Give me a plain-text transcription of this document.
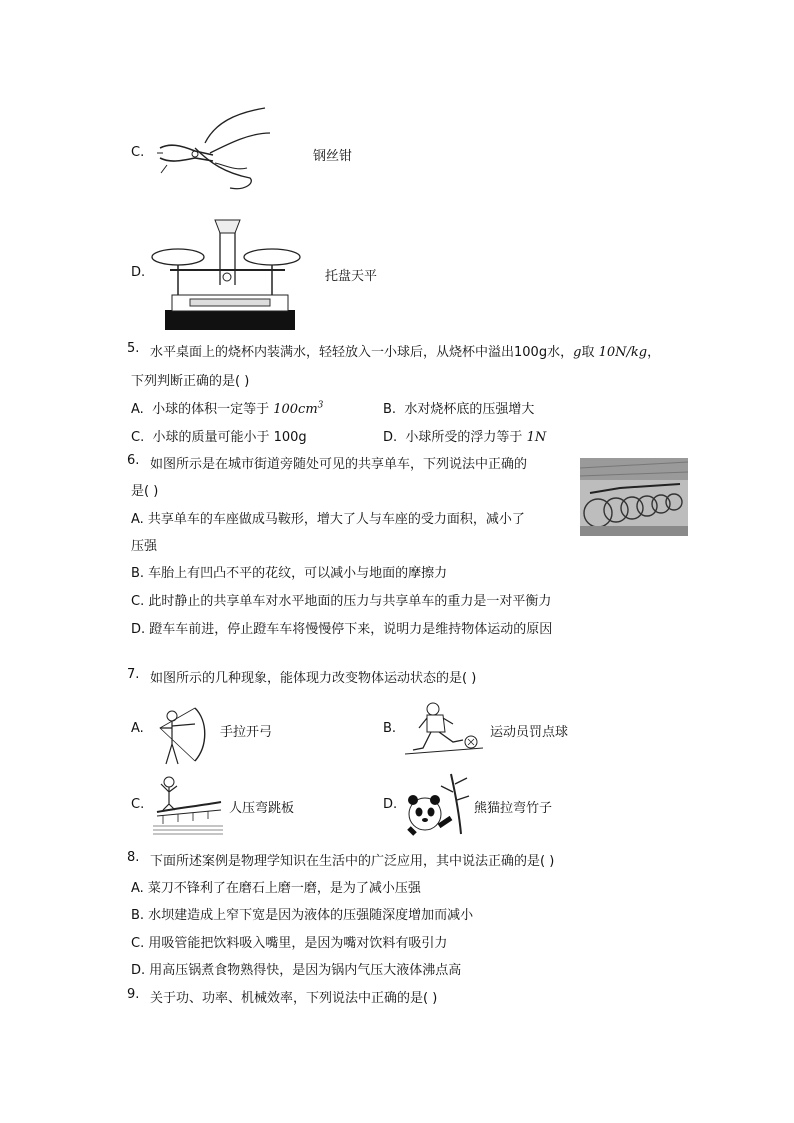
C.	钢丝钳
D.	托盘天平
5. 水平桌面上的烧杯内装满水，轻轻放入一小球后，从烧杯中溢出100g水，g取 10N/kg，
下列判断正确的是( )
A. 小球的体积一定等于 $100cm^3$	B. 水对烧杯底的压强增大
C. 小球的质量可能小于 100g	D. 小球所受的浮力等于 1N
6. 如图所示是在城市街道旁随处可见的共享单车，下列说法中正确的
是( )
A. 共享单车的车座做成马鞍形，增大了人与车座的受力面积，减小了
压强
B. 车胎上有凹凸不平的花纹，可以减小与地面的摩擦力
C. 此时静止的共享单车对水平地面的压力与共享单车的重力是一对平衡力
D. 蹬车车前进，停止蹬车车将慢慢停下来，说明力是维持物体运动的原因
7. 如图所示的几种现象，能体现力改变物体运动状态的是( )
A.	手拉开弓	B.	运动员罚点球
C.	人压弯跳板	D.	熊猫拉弯竹子
8. 下面所述案例是物理学知识在生活中的广泛应用，其中说法正确的是( )
A. 菜刀不锋利了在磨石上磨一磨，是为了减小压强
B. 水坝建造成上窄下宽是因为液体的压强随深度增加而减小
C. 用吸管能把饮料吸入嘴里，是因为嘴对饮料有吸引力
D. 用高压锅煮食物熟得快，是因为锅内气压大液体沸点高
9. 关于功、功率、机械效率，下列说法中正确的是( )
